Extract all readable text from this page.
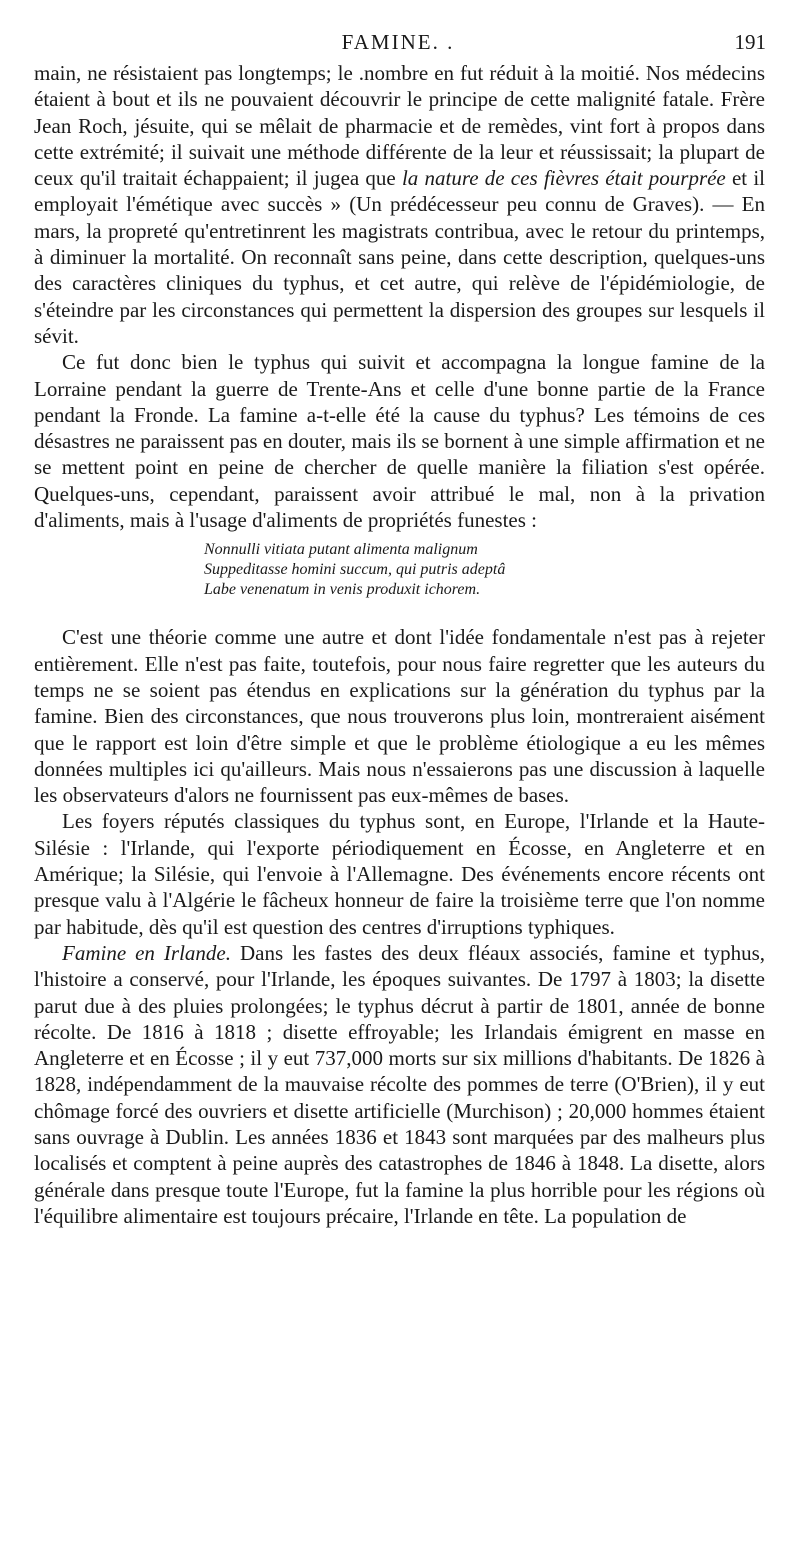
FAMINE. .	191

main, ne résistaient pas longtemps; le .nombre en fut réduit à la moitié. Nos médecins étaient à bout et ils ne pouvaient découvrir le principe de cette malignité fatale. Frère Jean Roch, jésuite, qui se mêlait de pharmacie et de remèdes, vint fort à propos dans cette extrémité; il suivait une méthode différente de la leur et réussissait; la plupart de ceux qu'il traitait échappaient; il jugea que la nature de ces fièvres était pourprée et il employait l'émétique avec succès » (Un prédécesseur peu connu de Graves). — En mars, la propreté qu'entretinrent les magistrats contribua, avec le retour du printemps, à diminuer la mortalité. On reconnaît sans peine, dans cette description, quelques-uns des caractères cliniques du typhus, et cet autre, qui relève de l'épidémiologie, de s'éteindre par les circonstances qui permettent la dispersion des groupes sur lesquels il sévit.

Ce fut donc bien le typhus qui suivit et accompagna la longue famine de la Lorraine pendant la guerre de Trente-Ans et celle d'une bonne partie de la France pendant la Fronde. La famine a-t-elle été la cause du typhus? Les témoins de ces désastres ne paraissent pas en douter, mais ils se bornent à une simple affirmation et ne se mettent point en peine de chercher de quelle manière la filiation s'est opérée. Quelques-uns, cependant, paraissent avoir attribué le mal, non à la privation d'aliments, mais à l'usage d'aliments de propriétés funestes :

Nonnulli vitiata putant alimenta malignum
Suppeditasse homini succum, qui putris adeptâ
Labe venenatum in venis produxit ichorem.

C'est une théorie comme une autre et dont l'idée fondamentale n'est pas à rejeter entièrement. Elle n'est pas faite, toutefois, pour nous faire regretter que les auteurs du temps ne se soient pas étendus en explications sur la génération du typhus par la famine. Bien des circonstances, que nous trouverons plus loin, montreraient aisément que le rapport est loin d'être simple et que le problème étiologique a eu les mêmes données multiples ici qu'ailleurs. Mais nous n'essaierons pas une discussion à laquelle les observateurs d'alors ne fournissent pas eux-mêmes de bases.

Les foyers réputés classiques du typhus sont, en Europe, l'Irlande et la Haute-Silésie : l'Irlande, qui l'exporte périodiquement en Écosse, en Angleterre et en Amérique; la Silésie, qui l'envoie à l'Allemagne. Des événements encore récents ont presque valu à l'Algérie le fâcheux honneur de faire la troisième terre que l'on nomme par habitude, dès qu'il est question des centres d'irruptions typhiques.

Famine en Irlande. Dans les fastes des deux fléaux associés, famine et typhus, l'histoire a conservé, pour l'Irlande, les époques suivantes. De 1797 à 1803; la disette parut due à des pluies prolongées; le typhus décrut à partir de 1801, année de bonne récolte. De 1816 à 1818 ; disette effroyable; les Irlandais émigrent en masse en Angleterre et en Écosse ; il y eut 737,000 morts sur six millions d'habitants. De 1826 à 1828, indépendamment de la mauvaise récolte des pommes de terre (O'Brien), il y eut chômage forcé des ouvriers et disette artificielle (Murchison) ; 20,000 hommes étaient sans ouvrage à Dublin. Les années 1836 et 1843 sont marquées par des malheurs plus localisés et comptent à peine auprès des catastrophes de 1846 à 1848. La disette, alors générale dans presque toute l'Europe, fut la famine la plus horrible pour les régions où l'équilibre alimentaire est toujours précaire, l'Irlande en tête. La population de
